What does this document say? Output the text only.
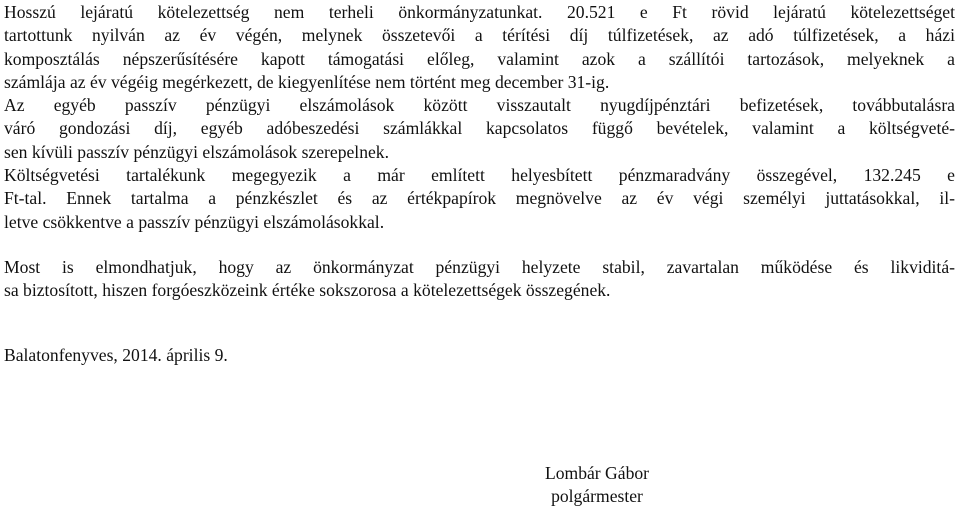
Hosszú lejáratú kötelezettség nem terheli önkormányzatunkat. 20.521 e Ft rövid lejáratú kötelezettséget
tartottunk nyilván az év végén, melynek összetevői a térítési díj túlfizetések, az adó túlfizetések, a házi
komposztálás népszerűsítésére kapott támogatási előleg, valamint azok a szállítói tartozások, melyeknek a
számlája az év végéig megérkezett, de kiegyenlítése nem történt meg december 31-ig.
Az egyéb passzív pénzügyi elszámolások között visszautalt nyugdíjpénztári befizetések, továbbutalásra
váró gondozási díj, egyéb adóbeszedési számlákkal kapcsolatos függő bevételek, valamint a költségveté-
sen kívüli passzív pénzügyi elszámolások szerepelnek.
Költségvetési tartalékunk megegyezik a már említett helyesbített pénzmaradvány összegével, 132.245 e
Ft-tal. Ennek tartalma a pénzkészlet és az értékpapírok megnövelve az év végi személyi juttatásokkal, il-
letve csökkentve a passzív pénzügyi elszámolásokkal.
Most is elmondhatjuk, hogy az önkormányzat pénzügyi helyzete stabil, zavartalan működése és likviditá-
sa biztosított, hiszen forgóeszközeink értéke sokszorosa a kötelezettségek összegének.
Balatonfenyves, 2014. április 9.
Lombár Gábor
polgármester
